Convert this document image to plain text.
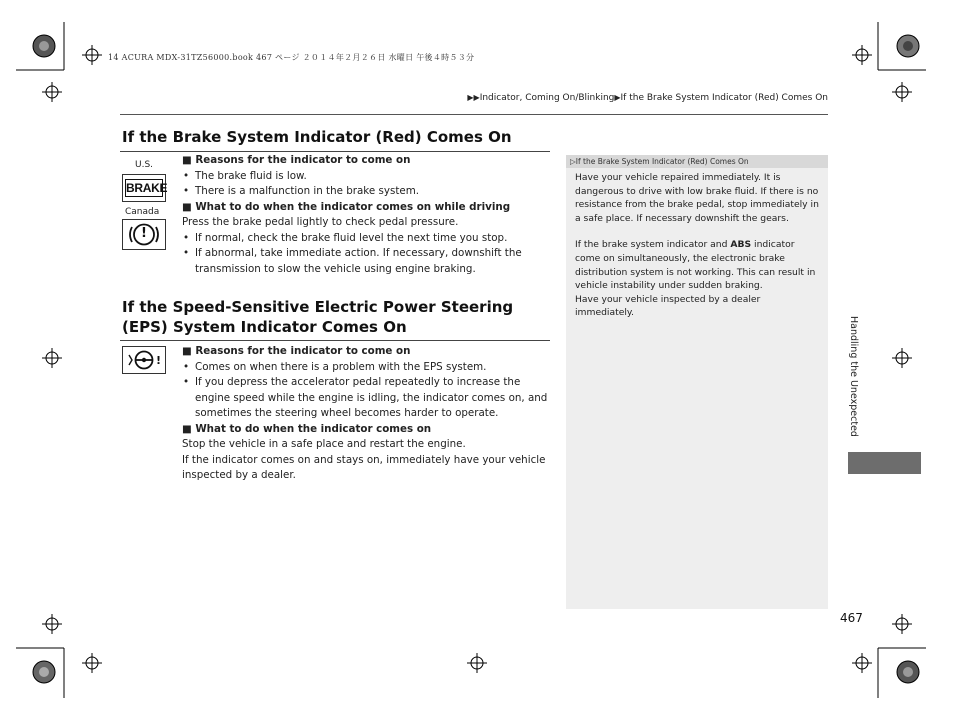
14 ACURA MDX-31TZ56000.book 467 ページ ２０１４年２月２６日 水曜日 午後４時５３分
▶▶Indicator, Coming On/Blinking▶If the Brake System Indicator (Red) Comes On
If the Brake System Indicator (Red) Comes On
U.S.
BRAKE
Canada
!
■ Reasons for the indicator to come on
• The brake fluid is low.
• There is a malfunction in the brake system.
■ What to do when the indicator comes on while driving
Press the brake pedal lightly to check pedal pressure.
• If normal, check the brake fluid level the next time you stop.
• If abnormal, take immediate action. If necessary, downshift the transmission to slow the vehicle using engine braking.
If the Speed-Sensitive Electric Power Steering (EPS) System Indicator Comes On
!
■ Reasons for the indicator to come on
• Comes on when there is a problem with the EPS system.
• If you depress the accelerator pedal repeatedly to increase the engine speed while the engine is idling, the indicator comes on, and sometimes the steering wheel becomes harder to operate.
■ What to do when the indicator comes on
Stop the vehicle in a safe place and restart the engine.
If the indicator comes on and stays on, immediately have your vehicle inspected by a dealer.
▷If the Brake System Indicator (Red) Comes On
Have your vehicle repaired immediately. It is dangerous to drive with low brake fluid. If there is no resistance from the brake pedal, stop immediately in a safe place. If necessary downshift the gears.
If the brake system indicator and ABS indicator come on simultaneously, the electronic brake distribution system is not working. This can result in vehicle instability under sudden braking.
Have your vehicle inspected by a dealer immediately.
Handling the Unexpected
467
